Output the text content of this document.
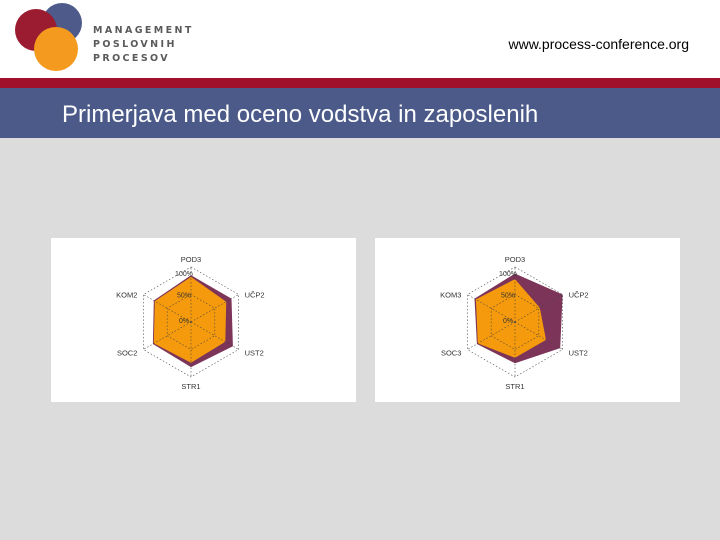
MANAGEMENT
POSLOVNIH
PROCESOV
www.process-conference.org
Primerjava med oceno vodstva in zaposlenih
POD3
UČP2
UST2
STR1
SOC2
KOM2
0%
50%
100%
POD3
UČP2
UST2
STR1
SOC3
KOM3
0%
50%
100%
